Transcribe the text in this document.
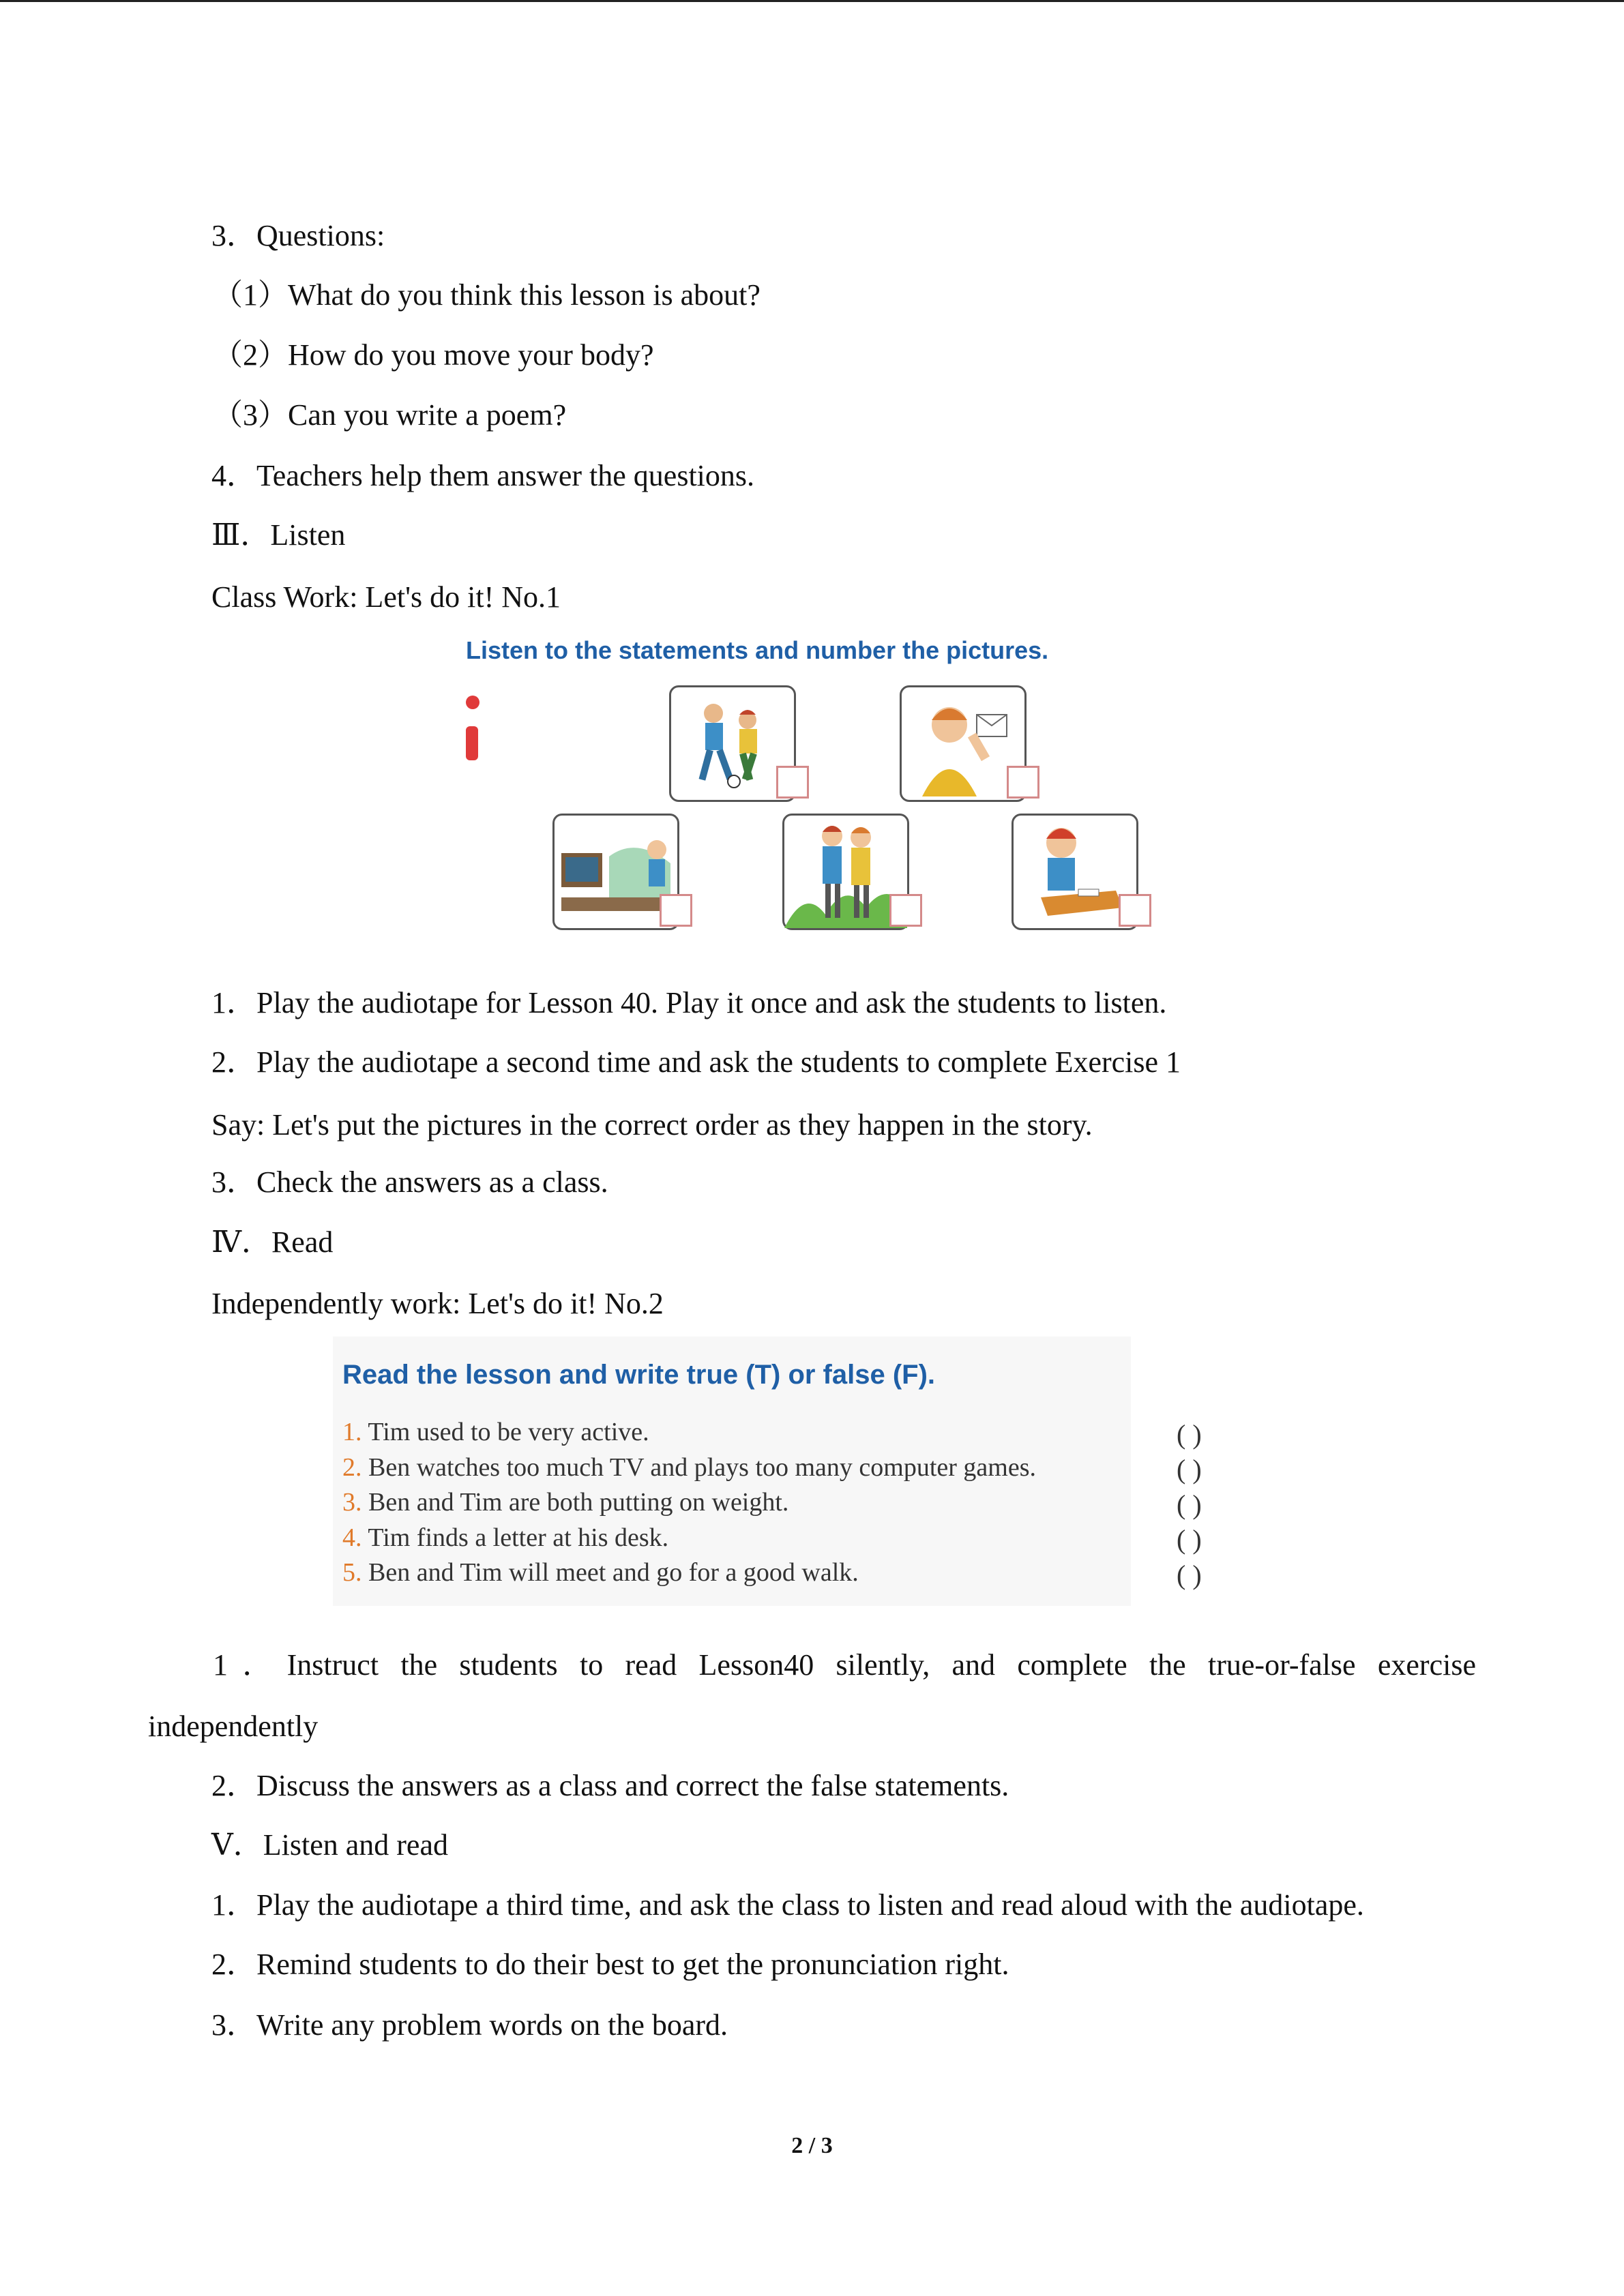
3．Questions:
（1）What do you think this lesson is about?
（2）How do you move your body?
（3）Can you write a poem?
4．Teachers help them answer the questions.
Ⅲ．Listen
Class Work: Let's do it! No.1
Listen to the statements and number the pictures.
1．Play the audiotape for Lesson 40. Play it once and ask the students to listen.
2．Play the audiotape a second time and ask the students to complete Exercise 1
Say: Let's put the pictures in the correct order as they happen in the story.
3．Check the answers as a class.
Ⅳ．Read
Independently work: Let's do it! No.2
Read the lesson and write true (T) or false (F).
1. Tim used to be very active.
2. Ben watches too much TV and plays too many computer games.
3. Ben and Tim are both putting on weight.
4. Tim finds a letter at his desk.
5. Ben and Tim will meet and go for a good walk.
( )
( )
( )
( )
( )
1．Instruct the students to read Lesson40 silently, and complete the true-or-false exercise
independently
2．Discuss the answers as a class and correct the false statements.
Ⅴ．Listen and read
1．Play the audiotape a third time, and ask the class to listen and read aloud with the audiotape.
2．Remind students to do their best to get the pronunciation right.
3．Write any problem words on the board.
2 / 3
